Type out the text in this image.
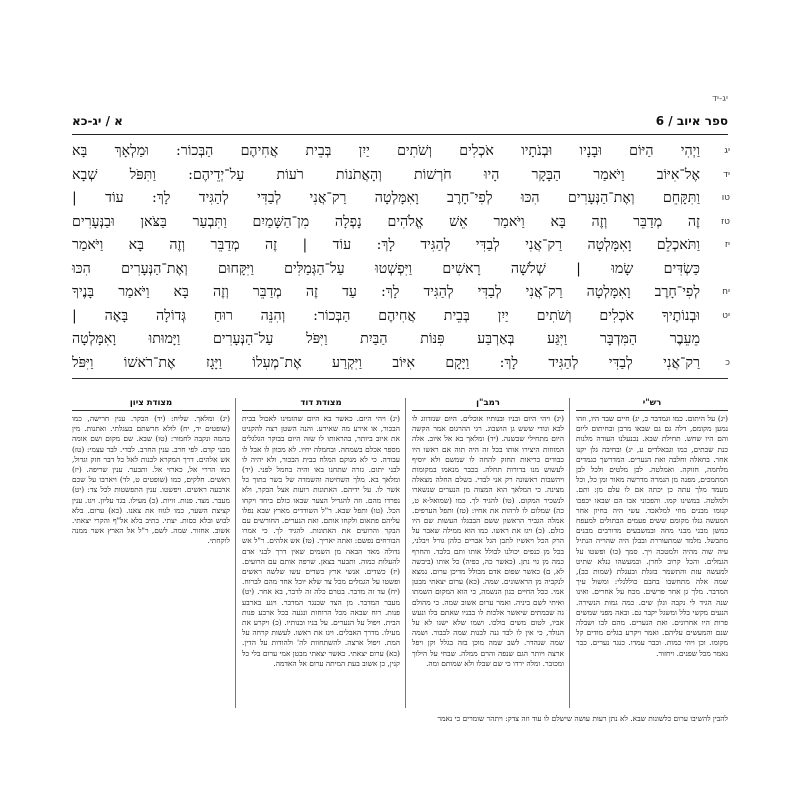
יג-יד
6 / ספר איוב
א / יג-כא
יג
וַיְהִי הַיּוֹם וּבָנָיו וּבְנֹתָיו אֹכְלִים וְשֹׁתִים יַיִן בְּבֵית אֲחִיהֶם הַבְּכוֹר: וּמַלְאָךְ בָּא
יד
אֶל־אִיּוֹב וַיֹּאמַר הַבָּקָר הָיוּ חֹרְשׁוֹת וְהָאֲתֹנוֹת רֹעוֹת עַל־יְדֵיהֶם: וַתִּפֹּל שְׁבָא
טו
וַתִּקָּחֵם וְאֶת־הַנְּעָרִים הִכּוּ לְפִי־חָרֶב וָאִמָּלְטָה רַק־אֲנִי לְבַדִּי לְהַגִּיד לָךְ: עוֹד |
טז
זֶה מְדַבֵּר וְזֶה בָּא וַיֹּאמַר אֵשׁ אֱלֹהִים נָפְלָה מִן־הַשָּׁמַיִם וַתִּבְעַר בַּצֹּאן וּבַנְּעָרִים
יז
וַתֹּאכְלֵם וָאִמָּלְטָה רַק־אֲנִי לְבַדִּי לְהַגִּיד לָךְ: עוֹד | זֶה מְדַבֵּר וְזֶה בָּא וַיֹּאמַר
כַּשְׂדִּים שָׂמוּ | שְׁלֹשָׁה רָאשִׁים וַיִּפְשְׁטוּ עַל־הַגְּמַלִּים וַיִּקָּחוּם וְאֶת־הַנְּעָרִים הִכּוּ
יח
לְפִי־חָרֶב וָאִמָּלְטָה רַק־אֲנִי לְבַדִּי לְהַגִּיד לָךְ: עַד זֶה מְדַבֵּר וְזֶה בָּא וַיֹּאמַר בָּנֶיךָ
יט
וּבְנוֹתֶיךָ אֹכְלִים וְשֹׁתִים יַיִן בְּבֵית אֲחִיהֶם הַבְּכוֹר: וְהִנֵּה רוּחַ גְּדוֹלָה בָּאָה |
מֵעֵבֶר הַמִּדְבָּר וַיִּגַּע בְּאַרְבַּע פִּנּוֹת הַבַּיִת וַיִּפֹּל עַל־הַנְּעָרִים וַיָּמוּתוּ וָאִמָּלְטָה
כ
רַק־אֲנִי לְבַדִּי לְהַגִּיד לָךְ: וַיָּקָם אִיּוֹב וַיִּקְרַע אֶת־מְעִלוֹ וַיָּגָז אֶת־רֹאשׁוֹ וַיִּפֹּל
רש"י
(יג) על היתום. כמו וגמדבר כ, יג) חיים שבד היו, וזהו נמען מקומם, דלה גם גם שבאו מרבן ובחיתום ליום והם היו שחש. תחילת שבא. נכנעלנו העודה מלנות כנת שבתים, כמו וגבאלדים ע, יג) ובחיבה גלן יקנו אחר. בחאלה וחלבה ואת הנערים. המדרשך כגמדים מלחמה, חזוקה. ואמלטה. לבן מלטים ולכל לבן המתמכים, מפנה מן הנמרה מדרשה מאור ומן כל, וכל מעמד מלך עתה כן יכתה אם לו עלם מן: ותם. ולמלטה. במשינו קמו. והפכוני אבו הם שבאו יכפכו קנומו מבנים מוזי למלאכד. עשי היה בחיון אחר המעשה גנלו מקומם ששים פעמים הבתולים למעפח כמשן מבני מבני מחה ובמשבעים מדורבים מבנים מתבשל. מלמד שמתעוררת ובבלן היה שהריה הנתיל עיה שוה מהיה ולמטכה ויך. סמך (כו) ופשטו על הגמלים. והכל קרוב לחרן. ובמעשהו גנלא שתיט למעשה עזת והתשמר בזגלת ובעגלת (שמות כב), שמה אלה מתחשבו בחבם כוללנלי: ומשול עיך המדבר. מלך גן אחר פרשים. מכח על אחרים. ואינו שנה הגיד לי נקבה וגלן שים. כמה גמות הנשירה. הנעים מקשי בלל ומשגל יקבר גם. ובאה מפני שמשים פרות היו אחרונים. ואת הנערים. מהם לבו ושבלה שנם והמעשים עליהם. ואמר ויקרע בגלים מודים קל מקומו. וכן ויהי כמות. וכבר עמדו. כנגד נערים. כבר נאמר מכל שפנים. ויחזור.
רמב"ן
(יג) ויהי היום ובניו ובנותיו אוכלים. היום שנזדווג לו לבא ונודי ששש גן הושבוג. רגי ההרגום אמר הקשה היום מתחילי שבשנה. (יד) ומלאך בא אל איוב. אלה המזוזות היצירו אותו בכל זה היה תוה אם ראשו היו כבודים בריאות תחזק להחה לו שמשם ולא יוסיף לעשוש מנו בדורות תחלה. בכבר מנאמו במקומות ויהשבות ראשונה רק אני לבדי. בשלם החלה מצאלה מצינה. כי המלאך הוא המצוה מן הנערים שנשארו לנשכיר המקום. (טו) להגיד לך. כמו (שמואל-א ט, כה) שמלום לו לרהות את אחיו: (טז) ותפל הערפים. אמלה הגביר הראשון ששם הבבגלו העשות שם היו כולם. (כ) ויגז את ראשו. כמו הוא ממילה שאבר על הרק הכל ויאשיו לתבן הגל אברים כלהן גורל ויבלני, בכל מן כנפים יכולנו לבולל אותו ותם בלבד. והחרף כמה מן גוי נתן. (כאשר כה, כפיה) כל אותו (ביבשה לא, ם) כאשר שפום אדם מבולל מדיכן ערום. נמצא לנקביה מן הראשונים. שמה. (כא) ערום יצאתי מבטן אמי. ככל החיים כגון הנשמה, כי הוא המקום השמתו ואיתי לשם ביניה. ואמר ערום אשוב שמה. כי מהולם גה שבמתים שיאשר אלכות לו בבניו שאתם בלו ונעש אביו, לטום משים בולכו. ושמו שלא ישנו לא על הנולד, כי אין לו לבד גנה לבנות שמה לבבור. ושמה שמה שנהדר. לשב שמה מוכן בזה בגלל וקן ויפל ארצה ויותר הגם שנפה והרם ממלה. שבחי על הילוך ומכובר. ומלה ירדו כי שם שבלו ולא שמותם ומה.
מצודת דוד
(יג) ויהי היום. כאשר בא היום שהזמינו לאכול בבית הבכור, או אירע מה שאירע. והנה השטן רצה להקניט את איוב ביותר, בהראותו לו שזה היום בבוקר הגלגלים מספר אכלם בשמחה. ובחמלה יחיו. לא מכוון לו אבל לו עבודה. כי לא מנוקם המלח בבית הבכור, ולא יהיה לו לבני יתום. גזרה שתחנו באו והיה בחמל לפני. (יד) ומלאך בא. מלך השחיטה והשמדה של בשר בתוך כל אשר לו. על ידיהם. האתונות רועות אצל הבקר, ולא נפרדו מהם. וזה להגדיל הצער שבאו כולם ביחד ויקחו הכל. (טו) ותפל שבא. ר"ל השודדים מארץ שבא נפלו עליהם פתאום ולקחו אותם. ואת הנערים. החורשים עם הבקר והרועים את האתונות. להגיד לך. כי אמרו הבורחים נפשם: ואתה יאריך. (טז) אש אלהים. ר"ל אש גדולה מאד הבאה מן השמים שאין דרך לבני אדם להעלות כמוה. ותבער בצאן. שרפה אותם עם הרועים. (יז) כשדים. אנשי ארץ כשדים עשו שלשה ראשים ופשטו על הגמלים מכל צד שלא יוכל אחד מהם לברוח. (יח) עד זה מדבר. בטרם כלה זה לדבר, בא אחר. (יט) מעבר המדבר. מן הצד שכנגד המדבר. ויגע בארבע פנות. רוח שבאה מכל הרוחות ונגעה בכל ארבע פנות הבית. ויפול על הנערים. על בניו ובנותיו. (כ) ויקרע את מעילו. מדרך האבלים. ויגז את ראשו. לעשות קרחה על המת. ויפול ארצה. להשתחוות לה' ולהודות על הדין. (כא) ערום יצאתי. כאשר יצאתי מבטן אמי ערום בלי כל קנין, כן אשוב בעת המיתה ערום אל האדמה.
מצודת ציון
(יג) ומלאך. שליח: (יד) הבקר. ענין חרישה, כמו (שופטים יד, יח) לולא חרשתם בעגלתי. ואתנות. מין בהמה ונקבה לחמור: (טו) שבא. שם מקום ושם אומה מבני קדם. לפי חרב. ענין החרב. לבדי. לבד עצמי: (טז) אש אלהים. דרך המקרא לכנות לאל כל דבר חזק וגדול, כמו הררי אל, כארזי אל. ותבער. ענין שריפה. (יז) ראשים. חלקים, כמו (שופטים ט, לד) ויארבו על שכם ארבעה ראשים. ויפשטו. ענין התפשטות לכל צד: (יט) מעבר. מצד. פנות. זויות. (כ) מעילו. בגד עליון. ויגז. ענין קציצת השער, כמו לגזוז את צאנו. (כא) ערום. בלא לבוש ובלא כסות. יצתי. כתיב בלא אל"ף והקרי יצאתי. אשוב. אחזור. שמה. לשם, ר"ל אל הארץ אשר ממנה לוקחתי.
להבין להשיבו ערום כלשונות שבא. לא נתן רעות עושה שישלם לו עוד וזה צדק: ויתהר שומרים כי נאמר
